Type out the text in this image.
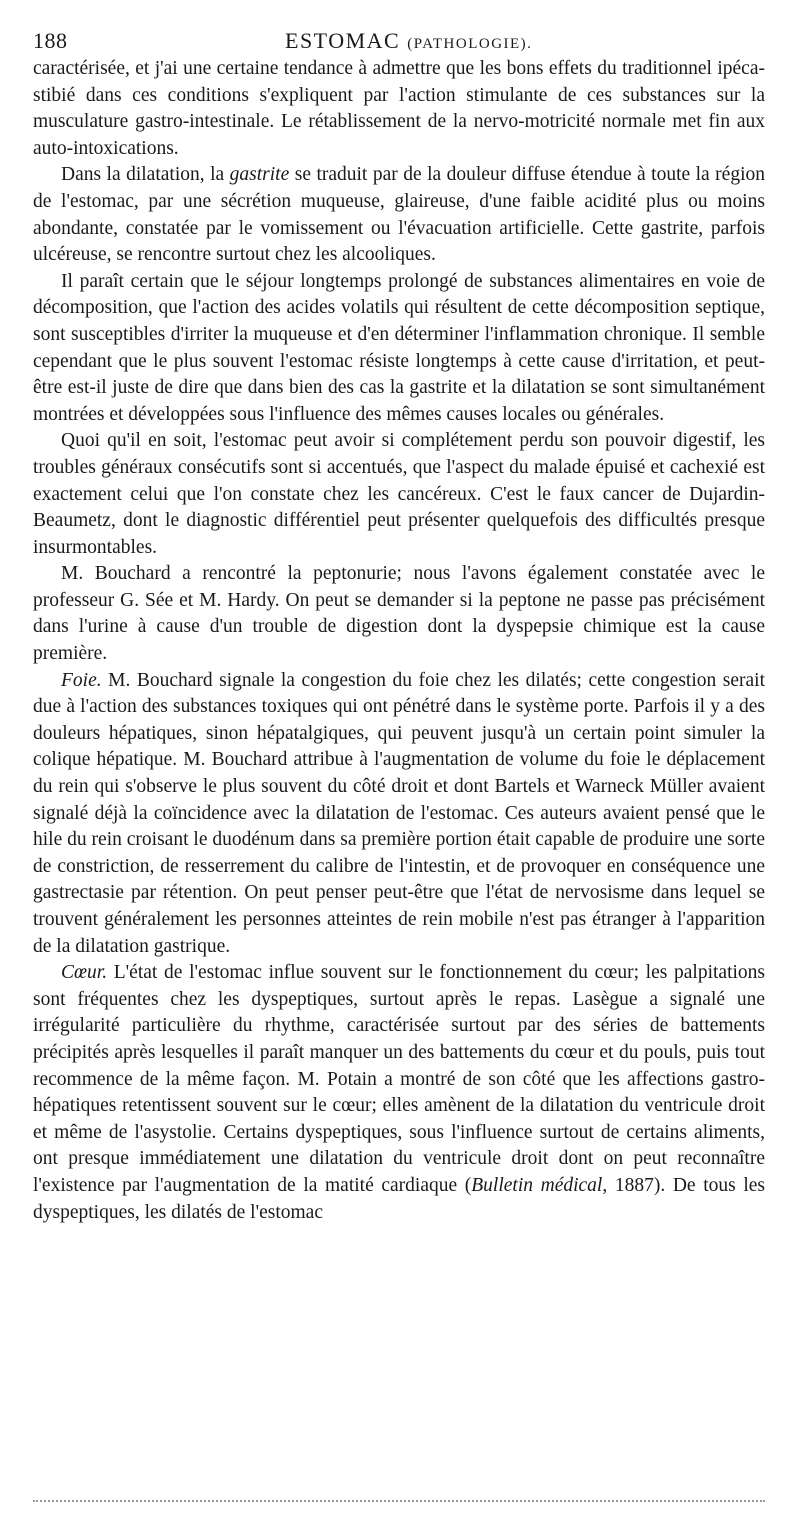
188	ESTOMAC (PATHOLOGIE).

caractérisée, et j'ai une certaine tendance à admettre que les bons effets du traditionnel ipéca-stibié dans ces conditions s'expliquent par l'action stimulante de ces substances sur la musculature gastro-intestinale. Le rétablissement de la nervo-motricité normale met fin aux auto-intoxications.

Dans la dilatation, la gastrite se traduit par de la douleur diffuse étendue à toute la région de l'estomac, par une sécrétion muqueuse, glaireuse, d'une faible acidité plus ou moins abondante, constatée par le vomissement ou l'évacuation artificielle. Cette gastrite, parfois ulcéreuse, se rencontre surtout chez les alcooliques.

Il paraît certain que le séjour longtemps prolongé de substances alimentaires en voie de décomposition, que l'action des acides volatils qui résultent de cette décomposition septique, sont susceptibles d'irriter la muqueuse et d'en déterminer l'inflammation chronique. Il semble cependant que le plus souvent l'estomac résiste longtemps à cette cause d'irritation, et peut-être est-il juste de dire que dans bien des cas la gastrite et la dilatation se sont simultanément montrées et développées sous l'influence des mêmes causes locales ou générales.

Quoi qu'il en soit, l'estomac peut avoir si complétement perdu son pouvoir digestif, les troubles généraux consécutifs sont si accentués, que l'aspect du malade épuisé et cachexié est exactement celui que l'on constate chez les cancéreux. C'est le faux cancer de Dujardin-Beaumetz, dont le diagnostic différentiel peut présenter quelquefois des difficultés presque insurmontables.

M. Bouchard a rencontré la peptonurie; nous l'avons également constatée avec le professeur G. Sée et M. Hardy. On peut se demander si la peptone ne passe pas précisément dans l'urine à cause d'un trouble de digestion dont la dyspepsie chimique est la cause première.

Foie. M. Bouchard signale la congestion du foie chez les dilatés; cette congestion serait due à l'action des substances toxiques qui ont pénétré dans le système porte. Parfois il y a des douleurs hépatiques, sinon hépatalgiques, qui peuvent jusqu'à un certain point simuler la colique hépatique. M. Bouchard attribue à l'augmentation de volume du foie le déplacement du rein qui s'observe le plus souvent du côté droit et dont Bartels et Warneck Müller avaient signalé déjà la coïncidence avec la dilatation de l'estomac. Ces auteurs avaient pensé que le hile du rein croisant le duodénum dans sa première portion était capable de produire une sorte de constriction, de resserrement du calibre de l'intestin, et de provoquer en conséquence une gastrectasie par rétention. On peut penser peut-être que l'état de nervosisme dans lequel se trouvent généralement les personnes atteintes de rein mobile n'est pas étranger à l'apparition de la dilatation gastrique.

Cœur. L'état de l'estomac influe souvent sur le fonctionnement du cœur; les palpitations sont fréquentes chez les dyspeptiques, surtout après le repas. Lasègue a signalé une irrégularité particulière du rhythme, caractérisée surtout par des séries de battements précipités après lesquelles il paraît manquer un des battements du cœur et du pouls, puis tout recommence de la même façon. M. Potain a montré de son côté que les affections gastro-hépatiques retentissent souvent sur le cœur; elles amènent de la dilatation du ventricule droit et même de l'asystolie. Certains dyspeptiques, sous l'influence surtout de certains aliments, ont presque immédiatement une dilatation du ventricule droit dont on peut reconnaître l'existence par l'augmentation de la matité cardiaque (Bulletin médical, 1887). De tous les dyspeptiques, les dilatés de l'estomac
